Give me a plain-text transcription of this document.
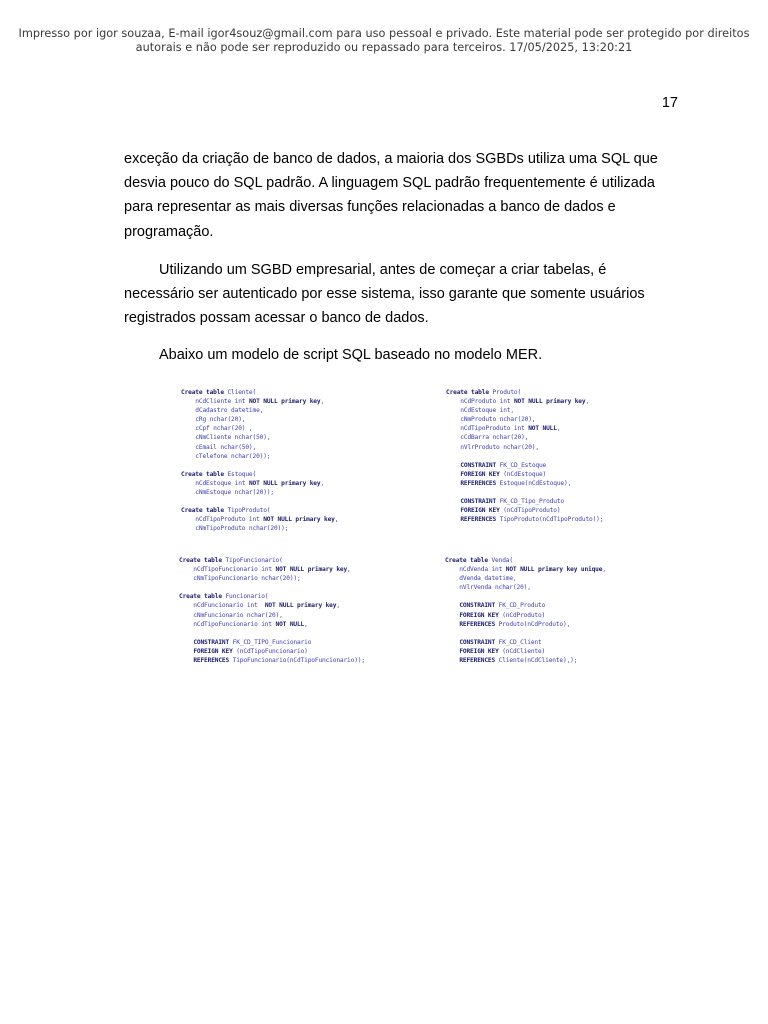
Impresso por igor souzaa, E-mail igor4souz@gmail.com para uso pessoal e privado. Este material pode ser protegido por direitos
autorais e não pode ser reproduzido ou repassado para terceiros. 17/05/2025, 13:20:21
17

exceção da criação de banco de dados, a maioria dos SGBDs utiliza uma SQL que
desvia pouco do SQL padrão. A linguagem SQL padrão frequentemente é utilizada
para representar as mais diversas funções relacionadas a banco de dados e
programação.

Utilizando um SGBD empresarial, antes de começar a criar tabelas, é
necessário ser autenticado por esse sistema, isso garante que somente usuários
registrados possam acessar o banco de dados.

Abaixo um modelo de script SQL baseado no modelo MER.

Create table Cliente(
nCdCliente int NOT NULL primary key,
dCadastro datetime,
cRg nchar(20),
cCpf nchar(20) ,
cNmCliente nchar(50),
cEmail nchar(50),
cTelefone nchar(20));

Create table Estoque(
nCdEstoque int NOT NULL primary key,
cNmEstoque nchar(20));

Create table TipoProduto(
nCdTipoProduto int NOT NULL primary key,
cNmTipoProduto nchar(20));
Create table Produto(
nCdProduto int NOT NULL primary key,
nCdEstoque int,
cNmProduto nchar(20),
nCdTipoProduto int NOT NULL,
cCdBarra nchar(20),
nVlrProduto nchar(20),

CONSTRAINT FK_CD_Estoque
FOREIGN KEY (nCdEstoque)
REFERENCES Estoque(nCdEstoque),

CONSTRAINT FK_CD_Tipo_Produto
FOREIGN KEY (nCdTipoProduto)
REFERENCES TipoProduto(nCdTipoProduto));
Create table TipoFuncionario(
nCdTipoFuncionario int NOT NULL primary key,
cNmTipoFuncionario nchar(20));

Create table Funcionario(
nCdFuncionario int  NOT NULL primary key,
cNmFuncionario nchar(20),
nCdTipoFuncionario int NOT NULL,

CONSTRAINT FK_CD_TIPO_Funcionario
FOREIGN KEY (nCdTipoFuncionario)
REFERENCES TipoFuncionario(nCdTipoFuncionario));
Create table Venda(
nCdVenda int NOT NULL primary key unique,
dVenda datetime,
nVlrVenda nchar(20),

CONSTRAINT FK_CD_Produto
FOREIGN KEY (nCdProduto)
REFERENCES Produto(nCdProduto),

CONSTRAINT FK_CD_Client
FOREIGN KEY (nCdCliente)
REFERENCES Cliente(nCdCliente),);
